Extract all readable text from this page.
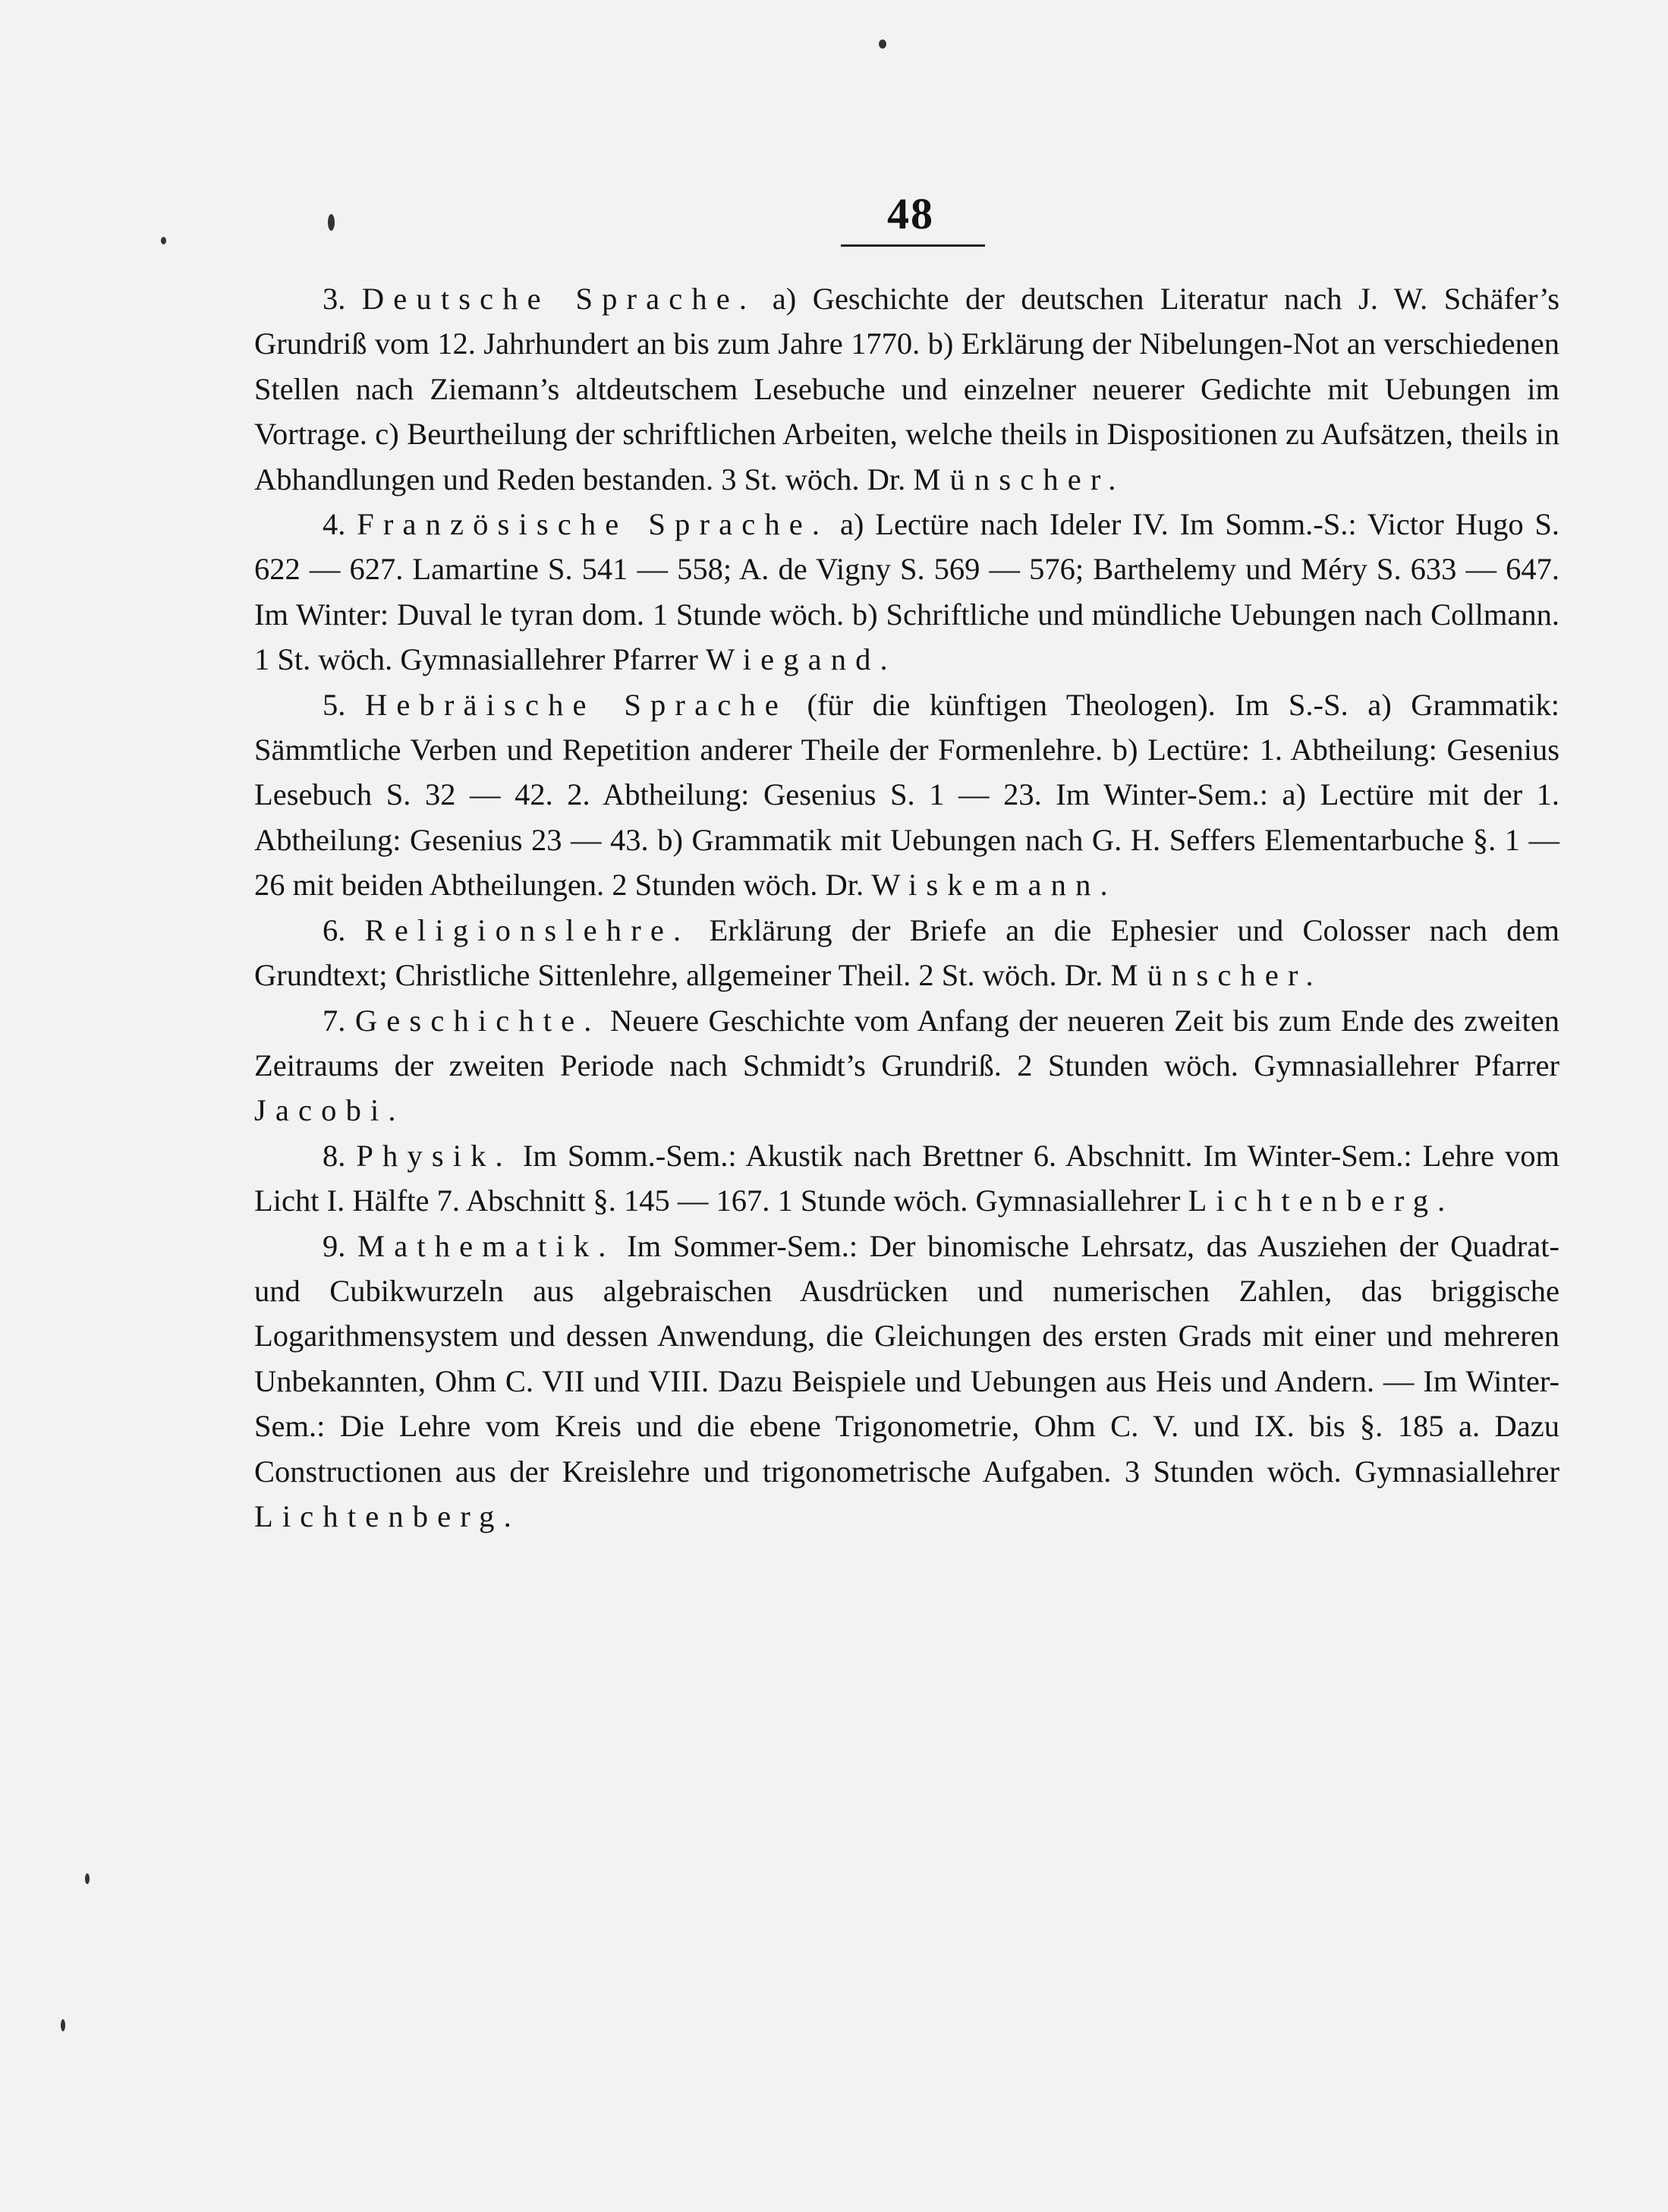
48

3. Deutsche Sprache. a) Geschichte der deutschen Literatur nach J. W. Schäfer’s Grundriß vom 12. Jahrhundert an bis zum Jahre 1770. b) Erklärung der Nibelungen-Not an verschiedenen Stellen nach Ziemann’s altdeutschem Lesebuche und einzelner neuerer Gedichte mit Uebungen im Vortrage. c) Beurtheilung der schriftlichen Arbeiten, welche theils in Dispositionen zu Aufsätzen, theils in Abhandlungen und Reden bestanden. 3 St. wöch. Dr. Münscher.

4. Französische Sprache. a) Lectüre nach Ideler IV. Im Somm.-S.: Victor Hugo S. 622 — 627. Lamartine S. 541 — 558; A. de Vigny S. 569 — 576; Barthelemy und Méry S. 633 — 647. Im Winter: Duval le tyran dom. 1 Stunde wöch. b) Schriftliche und mündliche Uebungen nach Collmann. 1 St. wöch. Gymnasiallehrer Pfarrer Wiegand.

5. Hebräische Sprache (für die künftigen Theologen). Im S.-S. a) Grammatik: Sämmtliche Verben und Repetition anderer Theile der Formenlehre. b) Lectüre: 1. Abtheilung: Gesenius Lesebuch S. 32 — 42. 2. Abtheilung: Gesenius S. 1 — 23. Im Winter-Sem.: a) Lectüre mit der 1. Abtheilung: Gesenius 23 — 43. b) Grammatik mit Uebungen nach G. H. Seffers Elementarbuche §. 1 — 26 mit beiden Abtheilungen. 2 Stunden wöch. Dr. Wiskemann.

6. Religionslehre. Erklärung der Briefe an die Ephesier und Colosser nach dem Grundtext; Christliche Sittenlehre, allgemeiner Theil. 2 St. wöch. Dr. Münscher.

7. Geschichte. Neuere Geschichte vom Anfang der neueren Zeit bis zum Ende des zweiten Zeitraums der zweiten Periode nach Schmidt’s Grundriß. 2 Stunden wöch. Gymnasiallehrer Pfarrer Jacobi.

8. Physik. Im Somm.-Sem.: Akustik nach Brettner 6. Abschnitt. Im Winter-Sem.: Lehre vom Licht I. Hälfte 7. Abschnitt §. 145 — 167. 1 Stunde wöch. Gymnasiallehrer Lichtenberg.

9. Mathematik. Im Sommer-Sem.: Der binomische Lehrsatz, das Ausziehen der Quadrat- und Cubikwurzeln aus algebraischen Ausdrücken und numerischen Zahlen, das briggische Logarithmensystem und dessen Anwendung, die Gleichungen des ersten Grads mit einer und mehreren Unbekannten, Ohm C. VII und VIII. Dazu Beispiele und Uebungen aus Heis und Andern. — Im Winter-Sem.: Die Lehre vom Kreis und die ebene Trigonometrie, Ohm C. V. und IX. bis §. 185 a. Dazu Constructionen aus der Kreislehre und trigonometrische Aufgaben. 3 Stunden wöch. Gymnasiallehrer Lichtenberg.
